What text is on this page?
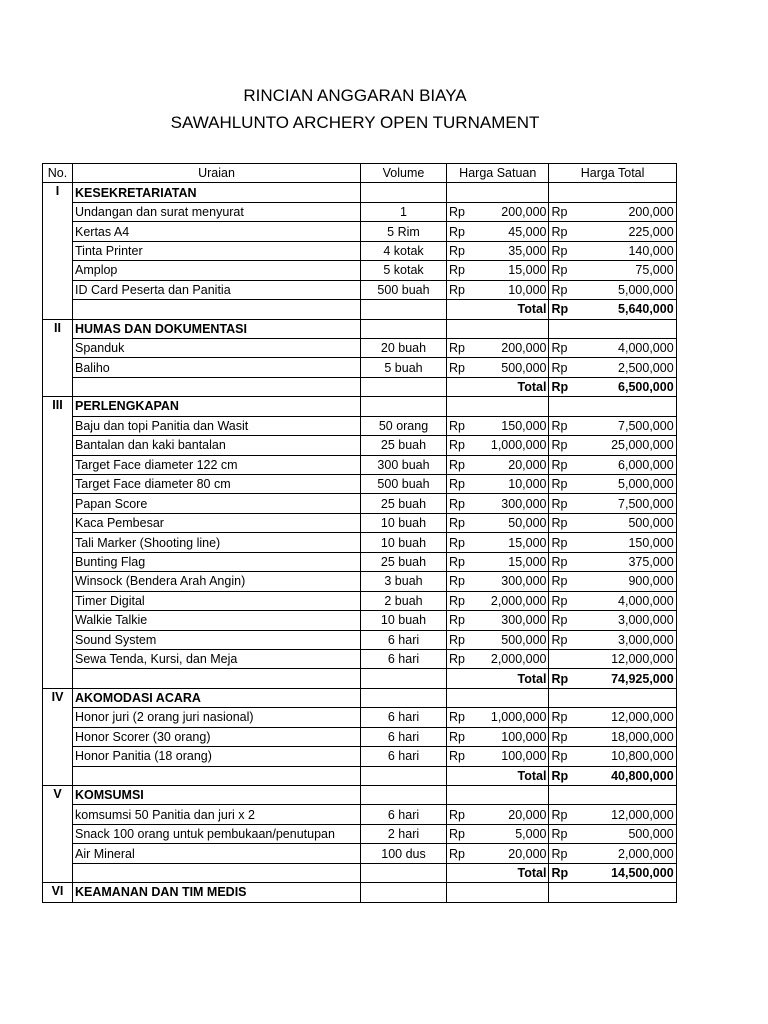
RINCIAN ANGGARAN BIAYA
SAWAHLUNTO ARCHERY OPEN TURNAMENT
No.	Uraian	Volume	Harga Satuan		Harga Total	
I	KESEKRETARIATAN					
	Undangan dan surat menyurat	1	Rp	200,000	Rp	200,000
	Kertas A4	5 Rim	Rp	45,000	Rp	225,000
	Tinta Printer	4 kotak	Rp	35,000	Rp	140,000
	Amplop	5 kotak	Rp	15,000	Rp	75,000
	ID Card Peserta dan Panitia	500 buah	Rp	10,000	Rp	5,000,000
			Total		Rp	5,640,000
II	HUMAS DAN DOKUMENTASI					
	Spanduk	20 buah	Rp	200,000	Rp	4,000,000
	Baliho	5 buah	Rp	500,000	Rp	2,500,000
			Total		Rp	6,500,000
III	PERLENGKAPAN					
	Baju dan topi Panitia dan Wasit	50 orang	Rp	150,000	Rp	7,500,000
	Bantalan dan kaki bantalan	25 buah	Rp	1,000,000	Rp	25,000,000
	Target Face diameter 122 cm	300 buah	Rp	20,000	Rp	6,000,000
	Target Face diameter 80 cm	500 buah	Rp	10,000	Rp	5,000,000
	Papan Score	25 buah	Rp	300,000	Rp	7,500,000
	Kaca Pembesar	10 buah	Rp	50,000	Rp	500,000
	Tali Marker (Shooting line)	10 buah	Rp	15,000	Rp	150,000
	Bunting Flag	25 buah	Rp	15,000	Rp	375,000
	Winsock (Bendera Arah Angin)	3 buah	Rp	300,000	Rp	900,000
	Timer Digital	2 buah	Rp	2,000,000	Rp	4,000,000
	Walkie Talkie	10 buah	Rp	300,000	Rp	3,000,000
	Sound System	6 hari	Rp	500,000	Rp	3,000,000
	Sewa Tenda, Kursi, dan Meja	6 hari	Rp	2,000,000		12,000,000
			Total		Rp	74,925,000
IV	AKOMODASI ACARA					
	Honor juri (2 orang juri nasional)	6 hari	Rp	1,000,000	Rp	12,000,000
	Honor Scorer (30 orang)	6 hari	Rp	100,000	Rp	18,000,000
	Honor Panitia (18 orang)	6 hari	Rp	100,000	Rp	10,800,000
			Total		Rp	40,800,000
V	KOMSUMSI					
	komsumsi 50 Panitia dan juri x 2	6 hari	Rp	20,000	Rp	12,000,000
	Snack 100 orang untuk pembukaan/penutupan	2 hari	Rp	5,000	Rp	500,000
	Air Mineral	100 dus	Rp	20,000	Rp	2,000,000
			Total		Rp	14,500,000
VI	KEAMANAN DAN TIM MEDIS					
